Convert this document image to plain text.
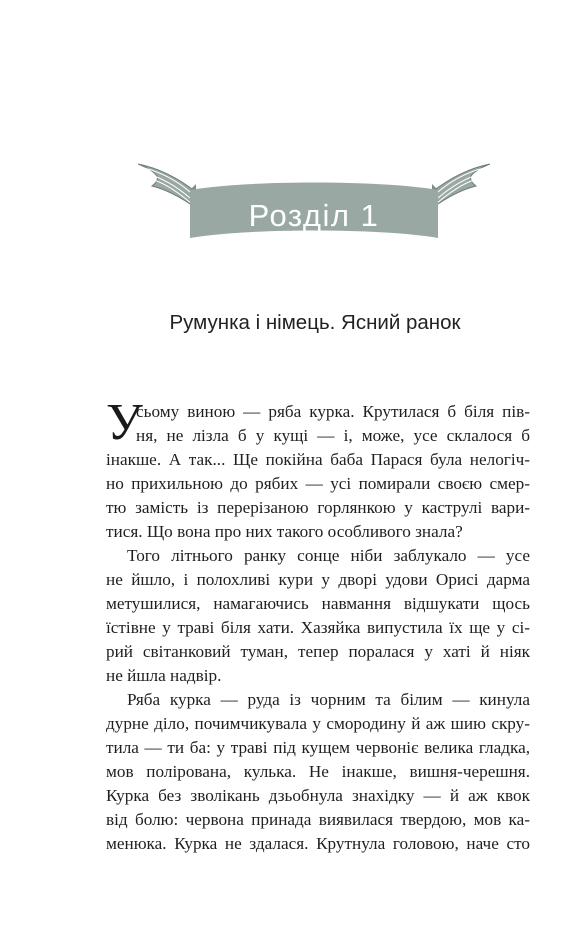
Розділ 1
Румунка і німець. Ясний ранок
У
сьому виною — ряба курка. Крутилася б біля пів-
ня, не лізла б у кущі — і, може, усе склалося б
інакше. А так... Ще покійна баба Парася була нелогіч-
но прихильною до рябих — усі помирали своєю смер-
тю замість із перерізаною горлянкою у каструлі вари-
тися. Що вона про них такого особливого знала?
Того літнього ранку сонце ніби заблукало — усе
не йшло, і полохливі кури у дворі удови Орисі дарма
метушилися, намагаючись навмання відшукати щось
їстівне у траві біля хати. Хазяйка випустила їх ще у сі-
рий світанковий туман, тепер поралася у хаті й ніяк
не йшла надвір.
Ряба курка — руда із чорним та білим — кинула
дурне діло, почимчикувала у смородину й аж шию скру-
тила — ти ба: у траві під кущем червоніє велика гладка,
мов полірована, кулька. Не інакше, вишня-черешня.
Курка без зволікань дзьобнула знахідку — й аж квок
від болю: червона принада виявилася твердою, мов ка-
менюка. Курка не здалася. Крутнула головою, наче сто
